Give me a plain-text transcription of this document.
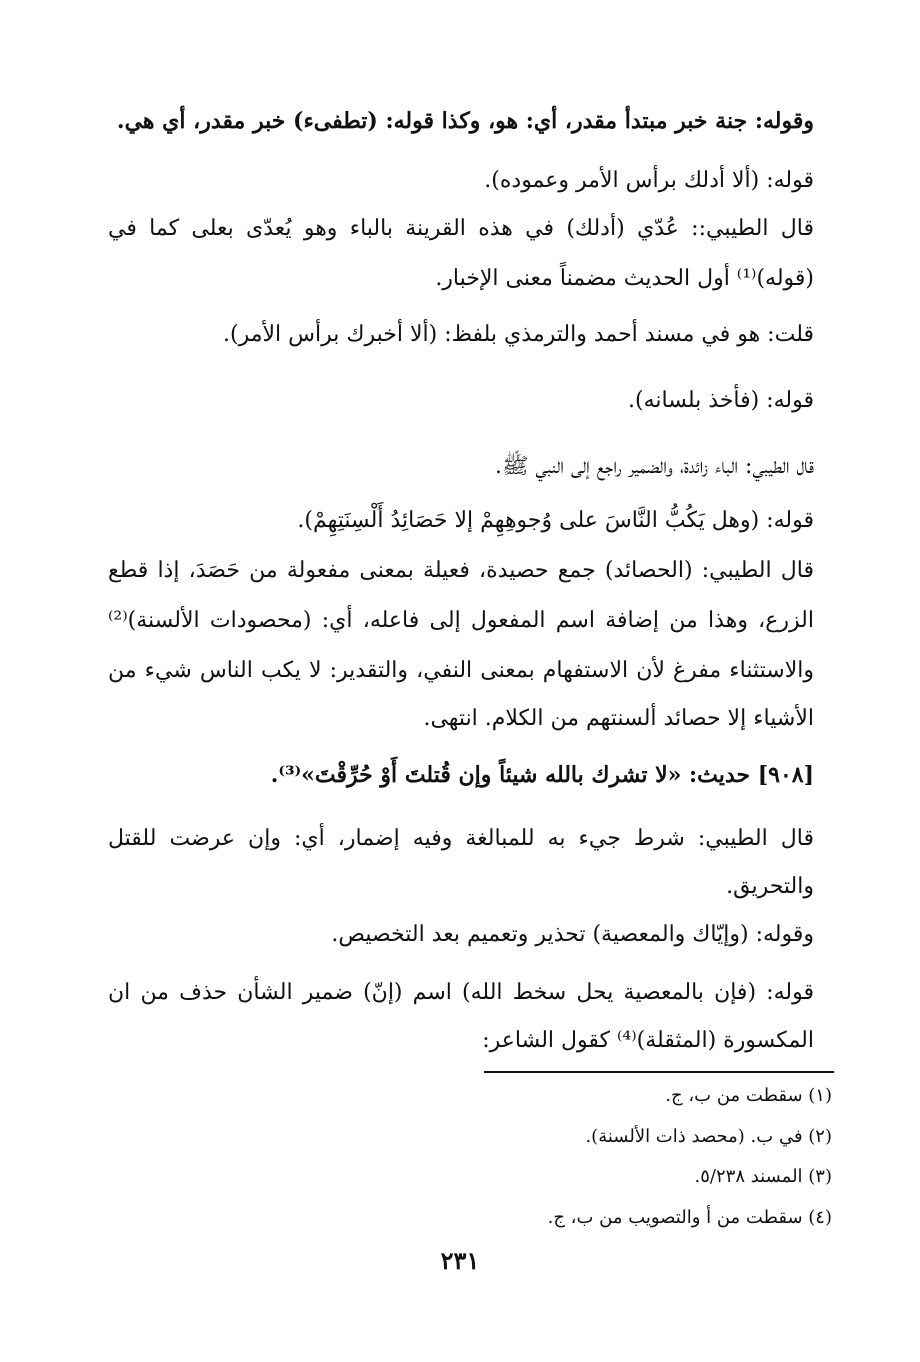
وقوله: جنة خبر مبتدأ مقدر، أي: هو، وكذا قوله: (تطفىء) خبر مقدر، أي هي.
قوله: (ألا أدلك برأس الأمر وعموده).
قال الطيبي:: عُدّي (أدلك) في هذه القرينة بالباء وهو يُعدّى بعلى كما في
(قوله)⁽¹⁾ أول الحديث مضمناً معنى الإخبار.
قلت: هو في مسند أحمد والترمذي بلفظ: (ألا أخبرك برأس الأمر).
قوله: (فأخذ بلسانه).
قال الطيبي: الباء زائدة، والضمير راجع إلى النبي ﷺ.
قوله: (وهل يَكُبُّ النَّاسَ على وُجوهِهِمْ إلا حَصَائِدُ أَلْسِنَتِهِمْ).
قال الطيبي: (الحصائد) جمع حصيدة، فعيلة بمعنى مفعولة من حَصَدَ، إذا قطع
الزرع، وهذا من إضافة اسم المفعول إلى فاعله، أي: (محصودات الألسنة)⁽²⁾
والاستثناء مفرغ لأن الاستفهام بمعنى النفي، والتقدير: لا يكب الناس شيء من
الأشياء إلا حصائد ألسنتهم من الكلام. انتهى.
[٩٠٨] حديث: «لا تشرك بالله شيئاً وإن قُتلتَ أَوْ حُرِّقْتَ»⁽³⁾.
قال الطيبي: شرط جيء به للمبالغة وفيه إضمار، أي: وإن عرضت للقتل
والتحريق.
وقوله: (وإيّاك والمعصية) تحذير وتعميم بعد التخصيص.
قوله: (فإن بالمعصية يحل سخط الله) اسم (إنّ) ضمير الشأن حذف من ان
المكسورة (المثقلة)⁽⁴⁾ كقول الشاعر:
(١) سقطت من ب، ج.
(٢) في ب. (محصد ذات الألسنة).
(٣) المسند ٥/٢٣٨.
(٤) سقطت من أ والتصويب من ب، ج.
٢٣١
